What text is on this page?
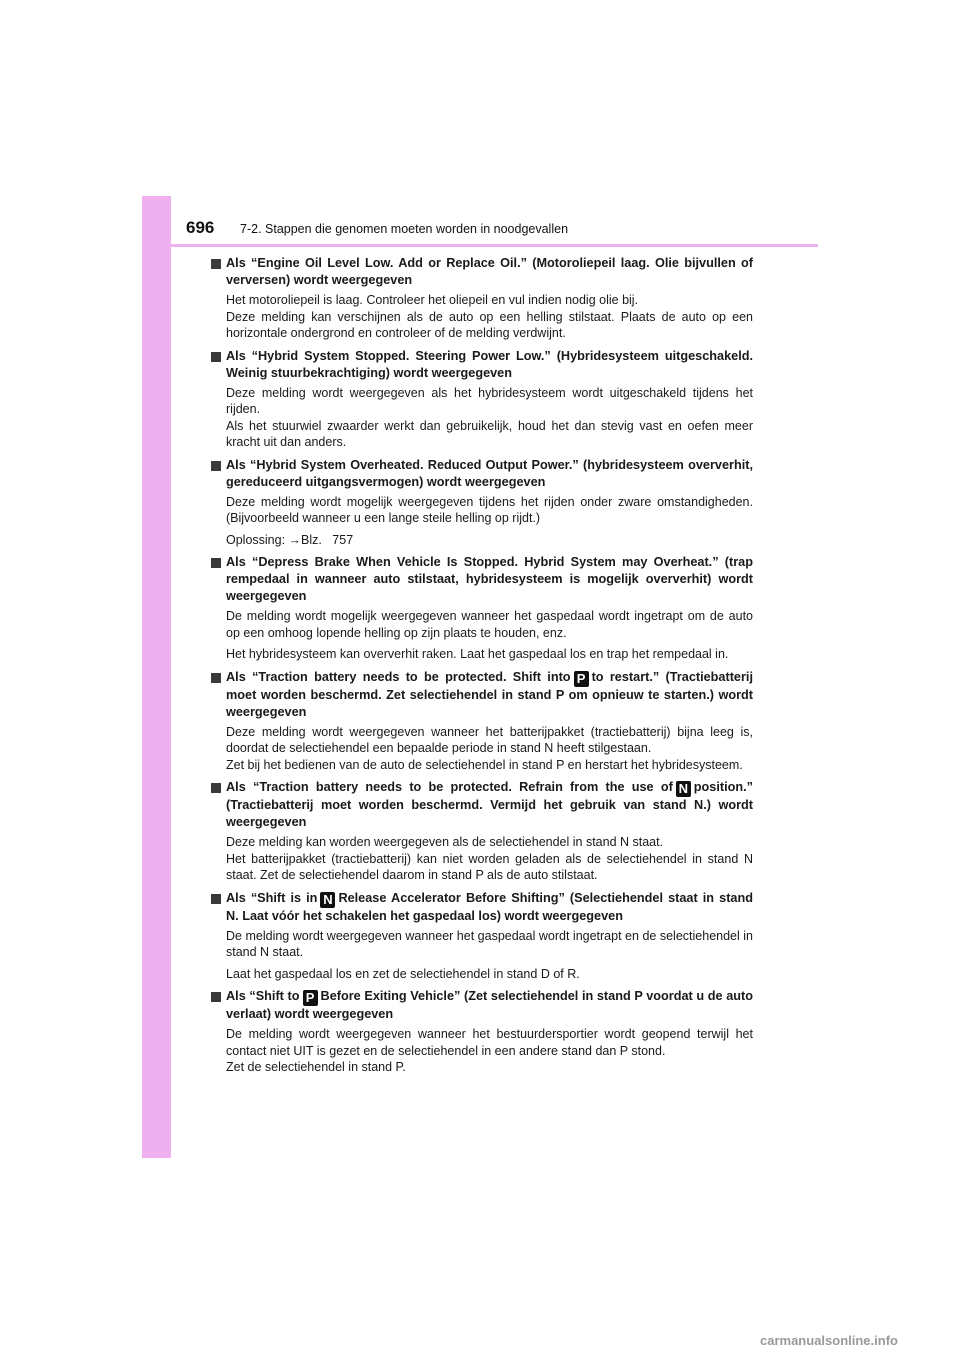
696 7-2. Stappen die genomen moeten worden in noodgevallen
Als “Engine Oil Level Low. Add or Replace Oil.” (Motoroliepeil laag. Olie bijvullen of verversen) wordt weergegeven
Het motoroliepeil is laag. Controleer het oliepeil en vul indien nodig olie bij.
Deze melding kan verschijnen als de auto op een helling stilstaat. Plaats de auto op een horizontale ondergrond en controleer of de melding verdwijnt.
Als “Hybrid System Stopped. Steering Power Low.” (Hybridesysteem uitgeschakeld. Weinig stuurbekrachtiging) wordt weergegeven
Deze melding wordt weergegeven als het hybridesysteem wordt uitgeschakeld tijdens het rijden.
Als het stuurwiel zwaarder werkt dan gebruikelijk, houd het dan stevig vast en oefen meer kracht uit dan anders.
Als “Hybrid System Overheated. Reduced Output Power.” (hybridesysteem oververhit, gereduceerd uitgangsvermogen) wordt weergegeven
Deze melding wordt mogelijk weergegeven tijdens het rijden onder zware omstandigheden. (Bijvoorbeeld wanneer u een lange steile helling op rijdt.)
Oplossing: →Blz.   757
Als “Depress Brake When Vehicle Is Stopped. Hybrid System may Overheat.” (trap rempedaal in wanneer auto stilstaat, hybridesysteem is mogelijk oververhit) wordt weergegeven
De melding wordt mogelijk weergegeven wanneer het gaspedaal wordt ingetrapt om de auto op een omhoog lopende helling op zijn plaats te houden, enz.
Het hybridesysteem kan oververhit raken. Laat het gaspedaal los en trap het rempedaal in.
Als “Traction battery needs to be protected. Shift into P to restart.” (Tractiebatterij moet worden beschermd. Zet selectiehendel in stand P om opnieuw te starten.) wordt weergegeven
Deze melding wordt weergegeven wanneer het batterijpakket (tractiebatterij) bijna leeg is, doordat de selectiehendel een bepaalde periode in stand N heeft stilgestaan.
Zet bij het bedienen van de auto de selectiehendel in stand P en herstart het hybridesysteem.
Als “Traction battery needs to be protected. Refrain from the use of N position.” (Tractiebatterij moet worden beschermd. Vermijd het gebruik van stand N.) wordt weergegeven
Deze melding kan worden weergegeven als de selectiehendel in stand N staat.
Het batterijpakket (tractiebatterij) kan niet worden geladen als de selectiehendel in stand N staat. Zet de selectiehendel daarom in stand P als de auto stilstaat.
Als “Shift is in N Release Accelerator Before Shifting” (Selectiehendel staat in stand N. Laat vóór het schakelen het gaspedaal los) wordt weergegeven
De melding wordt weergegeven wanneer het gaspedaal wordt ingetrapt en de selectiehendel in stand N staat.
Laat het gaspedaal los en zet de selectiehendel in stand D of R.
Als “Shift to P Before Exiting Vehicle” (Zet selectiehendel in stand P voordat u de auto verlaat) wordt weergegeven
De melding wordt weergegeven wanneer het bestuurdersportier wordt geopend terwijl het contact niet UIT is gezet en de selectiehendel in een andere stand dan P stond.
Zet de selectiehendel in stand P.
carmanualsonline.info
